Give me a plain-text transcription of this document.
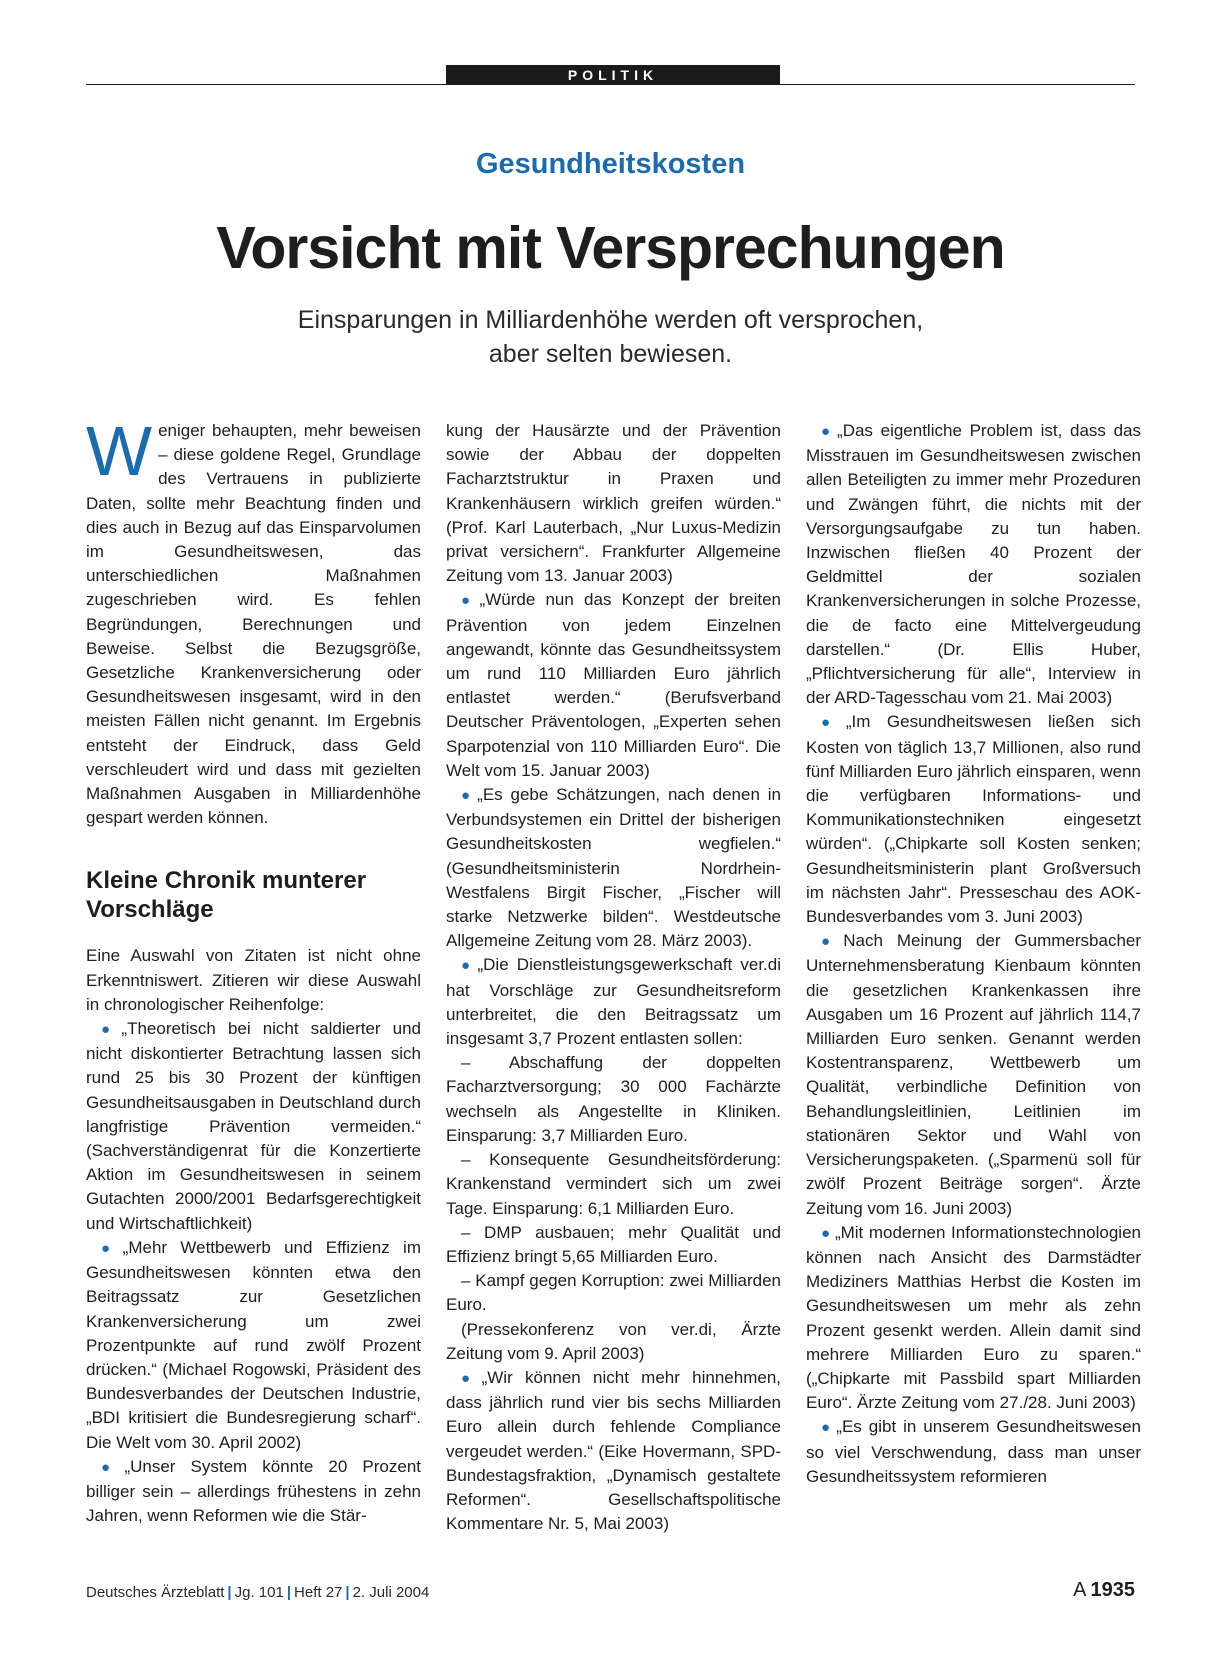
POLITIK
Gesundheitskosten
Vorsicht mit Versprechungen
Einsparungen in Milliardenhöhe werden oft versprochen,
aber selten bewiesen.

Weniger behaupten, mehr beweisen – diese goldene Regel, Grundlage des Vertrauens in publizierte Daten, sollte mehr Beachtung finden und dies auch in Bezug auf das Einsparvolumen im Gesundheitswesen, das unterschiedlichen Maßnahmen zugeschrieben wird. Es fehlen Begründungen, Berechnungen und Beweise. Selbst die Bezugsgröße, Gesetzliche Krankenversicherung oder Gesundheitswesen insgesamt, wird in den meisten Fällen nicht genannt. Im Ergebnis entsteht der Eindruck, dass Geld verschleudert wird und dass mit gezielten Maßnahmen Ausgaben in Milliardenhöhe gespart werden können.

Kleine Chronik munterer
Vorschläge

Eine Auswahl von Zitaten ist nicht ohne Erkenntniswert. Zitieren wir diese Auswahl in chronologischer Reihenfolge:

● „Theoretisch bei nicht saldierter und nicht diskontierter Betrachtung lassen sich rund 25 bis 30 Prozent der künftigen Gesundheitsausgaben in Deutschland durch langfristige Prävention vermeiden.“ (Sachverständigenrat für die Konzertierte Aktion im Gesundheitswesen in seinem Gutachten 2000/2001 Bedarfsgerechtigkeit und Wirtschaftlichkeit)

● „Mehr Wettbewerb und Effizienz im Gesundheitswesen könnten etwa den Beitragssatz zur Gesetzlichen Krankenversicherung um zwei Prozentpunkte auf rund zwölf Prozent drücken.“ (Michael Rogowski, Präsident des Bundesverbandes der Deutschen Industrie, „BDI kritisiert die Bundesregierung scharf“. Die Welt vom 30. April 2002)

● „Unser System könnte 20 Prozent billiger sein – allerdings frühestens in zehn Jahren, wenn Reformen wie die Stär-

kung der Hausärzte und der Prävention sowie der Abbau der doppelten Facharztstruktur in Praxen und Krankenhäusern wirklich greifen würden.“ (Prof. Karl Lauterbach, „Nur Luxus-Medizin privat versichern“. Frankfurter Allgemeine Zeitung vom 13. Januar 2003)

● „Würde nun das Konzept der breiten Prävention von jedem Einzelnen angewandt, könnte das Gesundheitssystem um rund 110 Milliarden Euro jährlich entlastet werden.“ (Berufsverband Deutscher Präventologen, „Experten sehen Sparpotenzial von 110 Milliarden Euro“. Die Welt vom 15. Januar 2003)

● „Es gebe Schätzungen, nach denen in Verbundsystemen ein Drittel der bisherigen Gesundheitskosten wegfielen.“ (Gesundheitsministerin Nordrhein-Westfalens Birgit Fischer, „Fischer will starke Netzwerke bilden“. Westdeutsche Allgemeine Zeitung vom 28. März 2003).

● „Die Dienstleistungsgewerkschaft ver.di hat Vorschläge zur Gesundheitsreform unterbreitet, die den Beitragssatz um insgesamt 3,7 Prozent entlasten sollen:

– Abschaffung der doppelten Facharztversorgung; 30 000 Fachärzte wechseln als Angestellte in Kliniken. Einsparung: 3,7 Milliarden Euro.

– Konsequente Gesundheitsförderung: Krankenstand vermindert sich um zwei Tage. Einsparung: 6,1 Milliarden Euro.

– DMP ausbauen; mehr Qualität und Effizienz bringt 5,65 Milliarden Euro.

– Kampf gegen Korruption: zwei Milliarden Euro.

(Pressekonferenz von ver.di, Ärzte Zeitung vom 9. April 2003)

● „Wir können nicht mehr hinnehmen, dass jährlich rund vier bis sechs Milliarden Euro allein durch fehlende Compliance vergeudet werden.“ (Eike Hovermann, SPD-Bundestagsfraktion, „Dynamisch gestaltete Reformen“. Gesellschaftspolitische Kommentare Nr. 5, Mai 2003)

● „Das eigentliche Problem ist, dass das Misstrauen im Gesundheitswesen zwischen allen Beteiligten zu immer mehr Prozeduren und Zwängen führt, die nichts mit der Versorgungsaufgabe zu tun haben. Inzwischen fließen 40 Prozent der Geldmittel der sozialen Krankenversicherungen in solche Prozesse, die de facto eine Mittelvergeudung darstellen.“ (Dr. Ellis Huber, „Pflichtversicherung für alle“, Interview in der ARD-Tagesschau vom 21. Mai 2003)

● „Im Gesundheitswesen ließen sich Kosten von täglich 13,7 Millionen, also rund fünf Milliarden Euro jährlich einsparen, wenn die verfügbaren Informations- und Kommunikationstechniken eingesetzt würden“. („Chipkarte soll Kosten senken; Gesundheitsministerin plant Großversuch im nächsten Jahr“. Presseschau des AOK-Bundesverbandes vom 3. Juni 2003)

● Nach Meinung der Gummersbacher Unternehmensberatung Kienbaum könnten die gesetzlichen Krankenkassen ihre Ausgaben um 16 Prozent auf jährlich 114,7 Milliarden Euro senken. Genannt werden Kostentransparenz, Wettbewerb um Qualität, verbindliche Definition von Behandlungsleitlinien, Leitlinien im stationären Sektor und Wahl von Versicherungspaketen. („Sparmenü soll für zwölf Prozent Beiträge sorgen“. Ärzte Zeitung vom 16. Juni 2003)

● „Mit modernen Informationstechnologien können nach Ansicht des Darmstädter Mediziners Matthias Herbst die Kosten im Gesundheitswesen um mehr als zehn Prozent gesenkt werden. Allein damit sind mehrere Milliarden Euro zu sparen.“ („Chipkarte mit Passbild spart Milliarden Euro“. Ärzte Zeitung vom 27./28. Juni 2003)

● „Es gibt in unserem Gesundheitswesen so viel Verschwendung, dass man unser Gesundheitssystem reformieren

Deutsches Ärzteblatt | Jg. 101 | Heft 27 | 2. Juli 2004	A  1935
